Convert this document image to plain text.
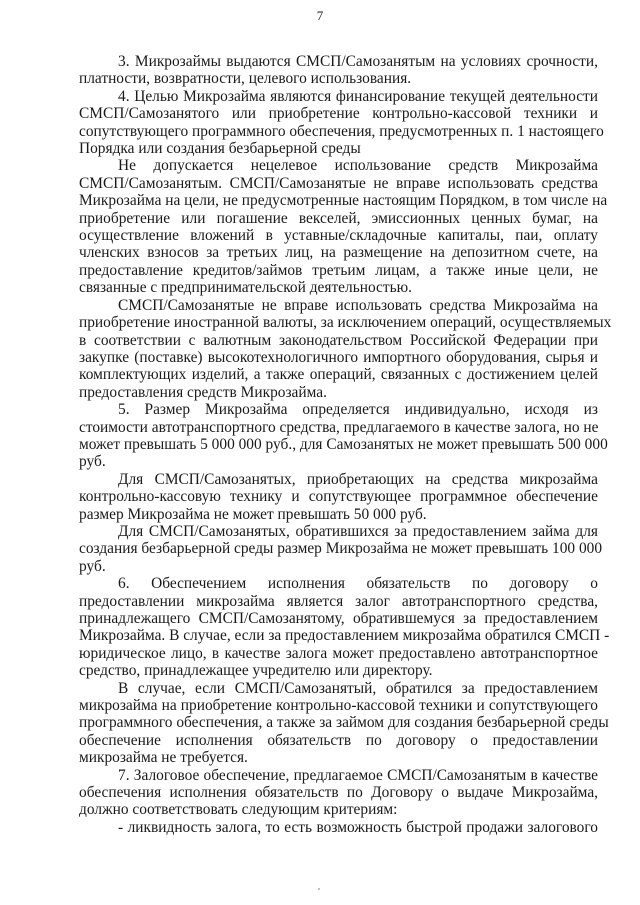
7
3. Микрозаймы выдаются СМСП/Самозанятым на условиях срочности,
платности, возвратности, целевого использования.
4. Целью Микрозайма являются финансирование текущей деятельности
СМСП/Самозанятого или приобретение контрольно-кассовой техники и
сопутствующего программного обеспечения, предусмотренных п. 1 настоящего
Порядка или создания безбарьерной среды
Не допускается нецелевое использование средств Микрозайма
СМСП/Самозанятым. СМСП/Самозанятые не вправе использовать средства
Микрозайма на цели, не предусмотренные настоящим Порядком, в том числе на
приобретение или погашение векселей, эмиссионных ценных бумаг, на
осуществление вложений в уставные/складочные капиталы, паи, оплату
членских взносов за третьих лиц, на размещение на депозитном счете, на
предоставление кредитов/займов третьим лицам, а также иные цели, не
связанные с предпринимательской деятельностью.
СМСП/Самозанятые не вправе использовать средства Микрозайма на
приобретение иностранной валюты, за исключением операций, осуществляемых
в соответствии с валютным законодательством Российской Федерации при
закупке (поставке) высокотехнологичного импортного оборудования, сырья и
комплектующих изделий, а также операций, связанных с достижением целей
предоставления средств Микрозайма.
5. Размер Микрозайма определяется индивидуально, исходя из
стоимости автотранспортного средства, предлагаемого в качестве залога, но не
может превышать 5 000 000 руб., для Самозанятых не может превышать 500 000
руб.
Для СМСП/Самозанятых, приобретающих на средства микрозайма
контрольно-кассовую технику и сопутствующее программное обеспечение
размер Микрозайма не может превышать 50 000 руб.
Для СМСП/Самозанятых, обратившихся за предоставлением займа для
создания безбарьерной среды размер Микрозайма не может превышать 100 000
руб.
6. Обеспечением исполнения обязательств по договору о
предоставлении микрозайма является залог автотранспортного средства,
принадлежащего СМСП/Самозанятому, обратившемуся за предоставлением
Микрозайма. В случае, если за предоставлением микрозайма обратился СМСП -
юридическое лицо, в качестве залога может предоставлено автотранспортное
средство, принадлежащее учредителю или директору.
В случае, если СМСП/Самозанятый, обратился за предоставлением
микрозайма на приобретение контрольно-кассовой техники и сопутствующего
программного обеспечения, а также за займом для создания безбарьерной среды
обеспечение исполнения обязательств по договору о предоставлении
микрозайма не требуется.
7. Залоговое обеспечение, предлагаемое СМСП/Самозанятым в качестве
обеспечения исполнения обязательств по Договору о выдаче Микрозайма,
должно соответствовать следующим критериям:
- ликвидность залога, то есть возможность быстрой продажи залогового
